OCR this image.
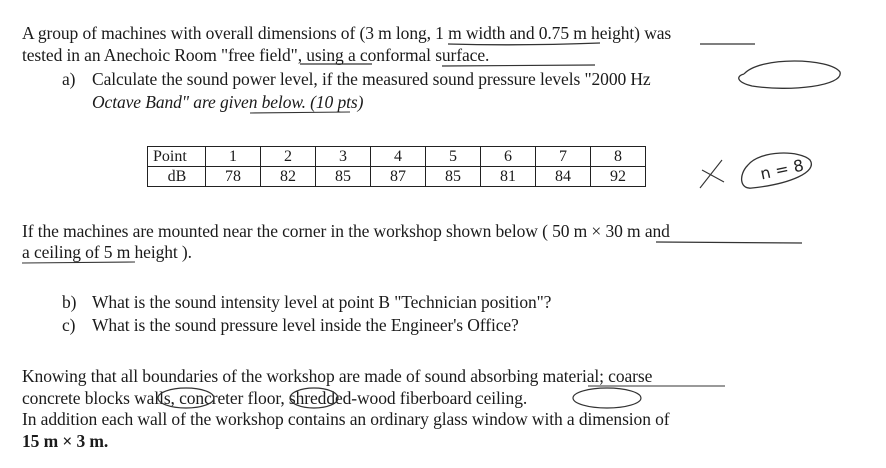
A group of machines with overall dimensions of (3 m long, 1 m width and 0.75 m height) was
tested in an Anechoic Room "free field", using a conformal surface.
a) Calculate the sound power level, if the measured sound pressure levels "2000 Hz
Octave Band" are given below. (10 pts)
Point	1	2	3	4	5	6	7	8
dB	78	82	85	87	85	81	84	92	n = 8
If the machines are mounted near the corner in the workshop shown below ( 50 m × 30 m and
a ceiling of 5 m height ).
b) What is the sound intensity level at point B "Technician position"?
c) What is the sound pressure level inside the Engineer's Office?
Knowing that all boundaries of the workshop are made of sound absorbing material; coarse
concrete blocks walls, concreter floor, shredded-wood fiberboard ceiling.
In addition each wall of the workshop contains an ordinary glass window with a dimension of
15 m × 3 m.
